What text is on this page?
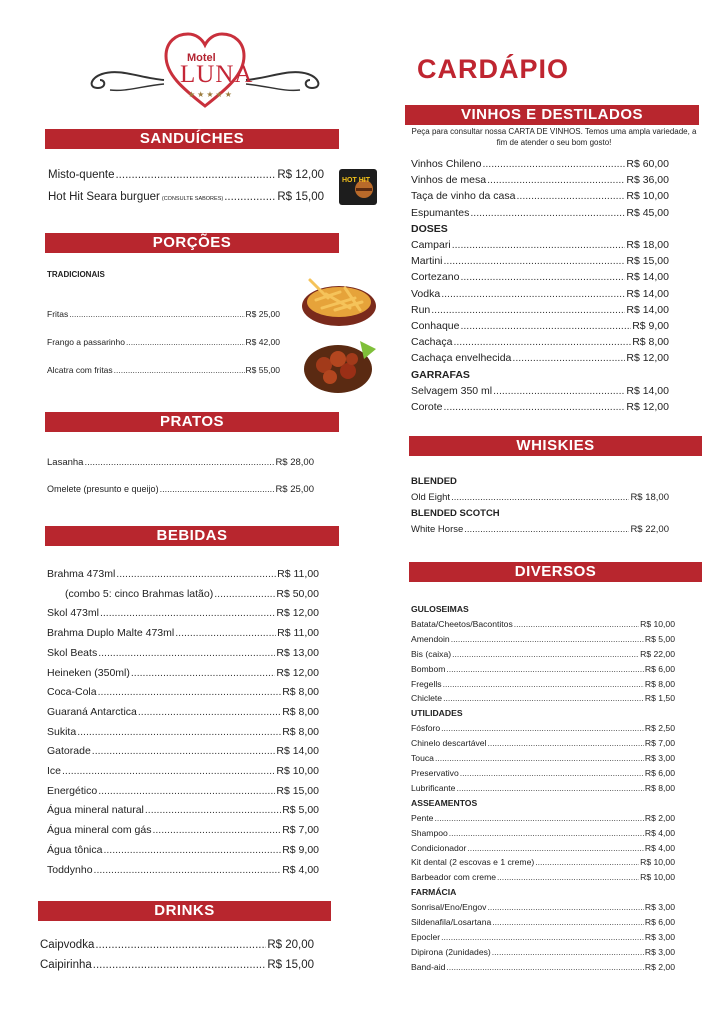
Motel
LUNA
★★★★★
CARDÁPIO
SANDUÍCHES
Misto-quente .....	R$ 12,00
Hot Hit Seara burguer (CONSULTE SABORES) .....	R$ 15,00
HOT HIT
PORÇÕES
TRADICIONAIS
Fritas .....	R$ 25,00
Frango a passarinho .....	R$ 42,00
Alcatra com fritas .....	R$ 55,00
PRATOS
Lasanha .....	R$ 28,00
Omelete (presunto e queijo) .....	R$ 25,00
BEBIDAS
Brahma 473ml .....	R$ 11,00
(combo 5: cinco Brahmas latão) .....	R$ 50,00
Skol 473ml .....	R$ 12,00
Brahma Duplo Malte 473ml .....	R$ 11,00
Skol Beats .....	R$ 13,00
Heineken (350ml) .....	R$ 12,00
Coca-Cola .....	R$ 8,00
Guaraná Antarctica .....	R$ 8,00
Sukita .....	R$ 8,00
Gatorade .....	R$ 14,00
Ice .....	R$ 10,00
Energético .....	R$ 15,00
Água mineral natural .....	R$ 5,00
Água mineral com gás .....	R$ 7,00
Água tônica .....	R$ 9,00
Toddynho .....	R$ 4,00
DRINKS
Caipvodka .....	R$ 20,00
Caipirinha .....	R$ 15,00
VINHOS E DESTILADOS
Peça para consultar nossa CARTA DE VINHOS. Temos uma ampla variedade, a fim de atender o seu bom gosto!
Vinhos Chileno .....	R$ 60,00
Vinhos de mesa .....	R$ 36,00
Taça de vinho da casa .....	R$ 10,00
Espumantes .....	R$ 45,00
DOSES
Campari .....	R$ 18,00
Martini .....	R$ 15,00
Cortezano .....	R$ 14,00
Vodka .....	R$ 14,00
Run .....	R$ 14,00
Conhaque .....	R$ 9,00
Cachaça .....	R$ 8,00
Cachaça envelhecida .....	R$ 12,00
GARRAFAS
Selvagem 350 ml .....	R$ 14,00
Corote .....	R$ 12,00
WHISKIES
BLENDED
Old Eight .....	R$ 18,00
BLENDED SCOTCH
White Horse .....	R$ 22,00
DIVERSOS
GULOSEIMAS
Batata/Cheetos/Bacontitos .....	R$ 10,00
Amendoin .....	R$ 5,00
Bis (caixa) .....	R$ 22,00
Bombom .....	R$ 6,00
Fregells .....	R$ 8,00
Chiclete .....	R$ 1,50
UTILIDADES
Fósforo .....	R$ 2,50
Chinelo descartável .....	R$ 7,00
Touca .....	R$ 3,00
Preservativo .....	R$ 6,00
Lubrificante .....	R$ 8,00
ASSEAMENTOS
Pente .....	R$ 2,00
Shampoo .....	R$ 4,00
Condicionador .....	R$ 4,00
Kit dental (2 escovas e 1 creme) .....	R$ 10,00
Barbeador com creme .....	R$ 10,00
FARMÁCIA
Sonrisal/Eno/Engov .....	R$ 3,00
Sildenafila/Losartana .....	R$ 6,00
Epocler .....	R$ 3,00
Dipirona (2unidades) .....	R$ 3,00
Band-aid .....	R$ 2,00
